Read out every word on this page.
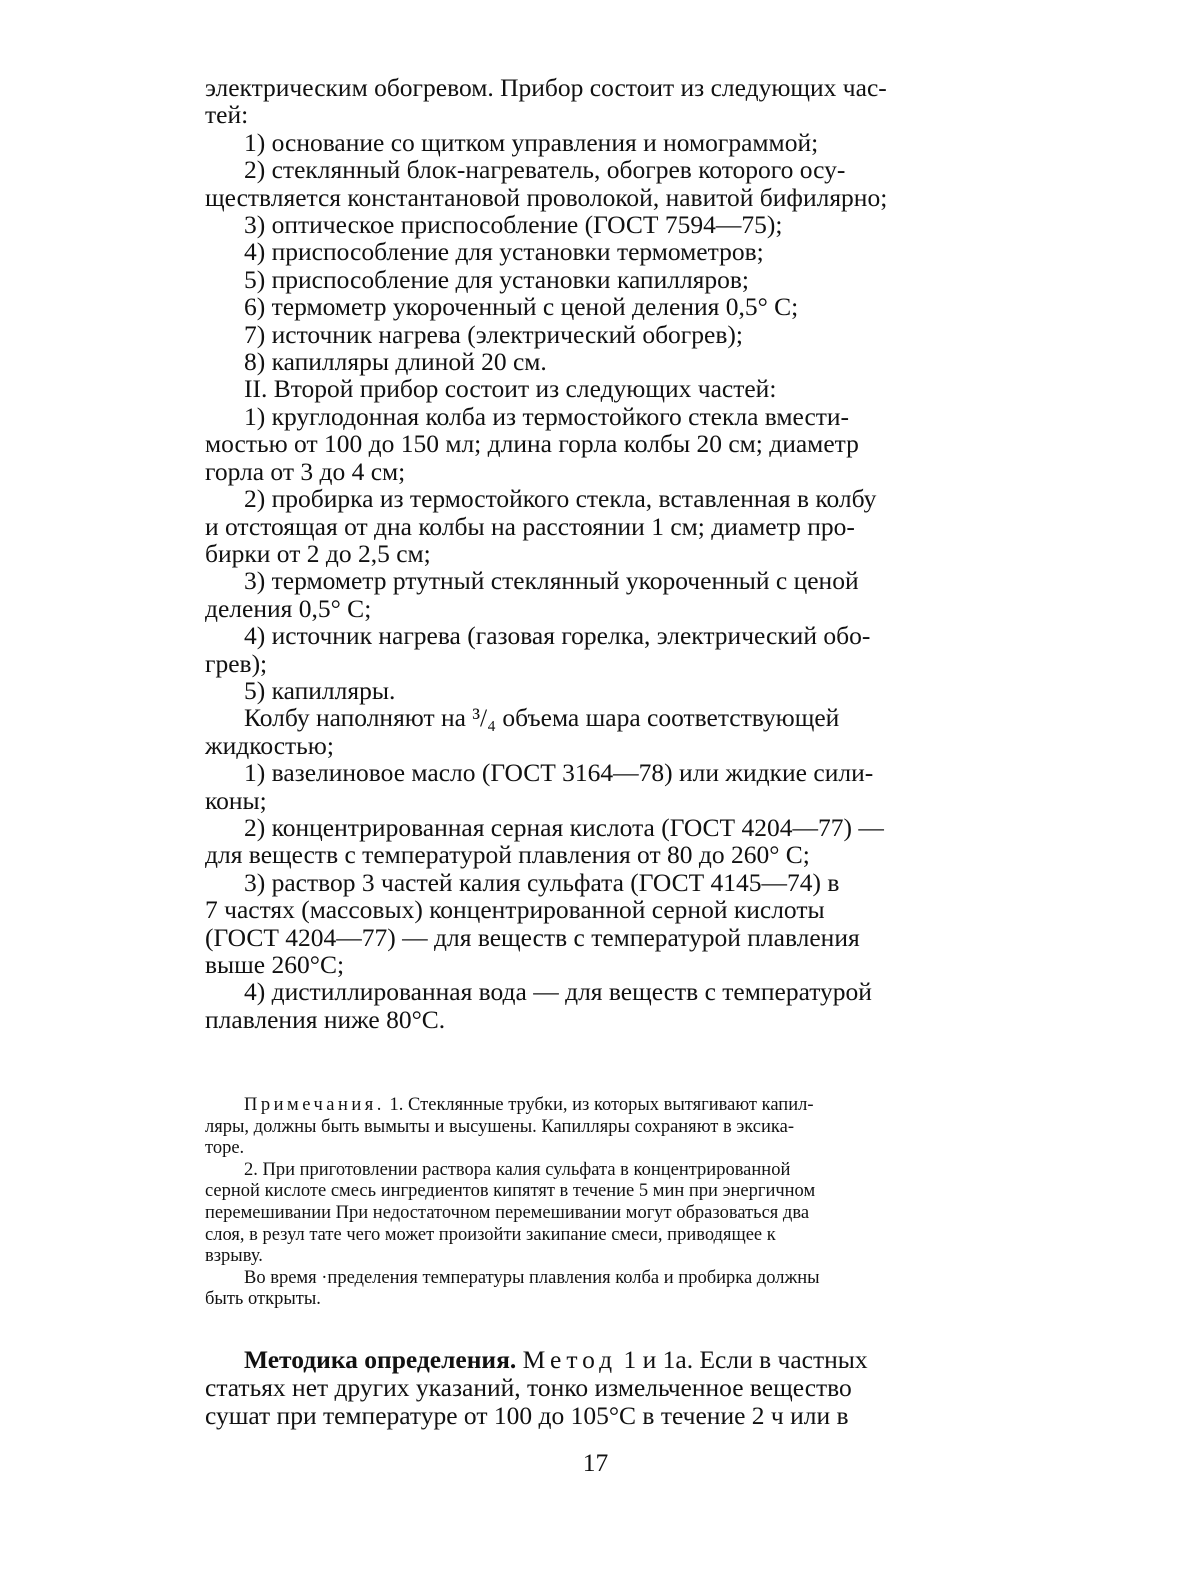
электрическим обогревом. Прибор состоит из следующих час-

тей:

1) основание со щитком управления и номограммой;

2) стеклянный блок-нагреватель, обогрев которого осу-

ществляется константановой проволокой, навитой бифилярно;

3) оптическое приспособление (ГОСТ 7594—75);

4) приспособление для установки термометров;

5) приспособление для установки капилляров;

6) термометр укороченный с ценой деления 0,5° С;

7) источник нагрева (электрический обогрев);

8) капилляры длиной 20 см.

II. Второй прибор состоит из следующих частей:

1) круглодонная колба из термостойкого стекла вмести-

мостью от 100 до 150 мл; длина горла колбы 20 см; диаметр

горла от 3 до 4 см;

2) пробирка из термостойкого стекла, вставленная в колбу

и отстоящая от дна колбы на расстоянии 1 см; диаметр про-

бирки от 2 до 2,5 см;

3) термометр ртутный стеклянный укороченный с ценой

деления 0,5° С;

4) источник нагрева (газовая горелка, электрический обо-

грев);

5) капилляры.

Колбу наполняют на ³/₄ объема шара соответствующей

жидкостью;

1) вазелиновое масло (ГОСТ 3164—78) или жидкие сили-

коны;

2) концентрированная серная кислота (ГОСТ 4204—77) —

для веществ с температурой плавления от 80 до 260° С;

3) раствор 3 частей калия сульфата (ГОСТ 4145—74) в

7 частях (массовых) концентрированной серной кислоты

(ГОСТ 4204—77) — для веществ с температурой плавления

выше 260°С;

4) дистиллированная вода — для веществ с температурой

плавления ниже 80°С.

Примечания. 1. Стеклянные трубки, из которых вытягивают капил-

ляры, должны быть вымыты и высушены. Капилляры сохраняют в эксика-

торе.

2. При приготовлении раствора калия сульфата в концентрированной

серной кислоте смесь ингредиентов кипятят в течение 5 мин при энергичном

перемешивании При недостаточном перемешивании могут образоваться два

слоя, в резул тате чего может произойти закипание смеси, приводящее к

взрыву.

Во время ·пределения температуры плавления колба и пробирка должны

быть открыты.

Методика определения. Метод 1 и 1а. Если в частных

статьях нет других указаний, тонко измельченное вещество

сушат при температуре от 100 до 105°С в течение 2 ч или в

17
